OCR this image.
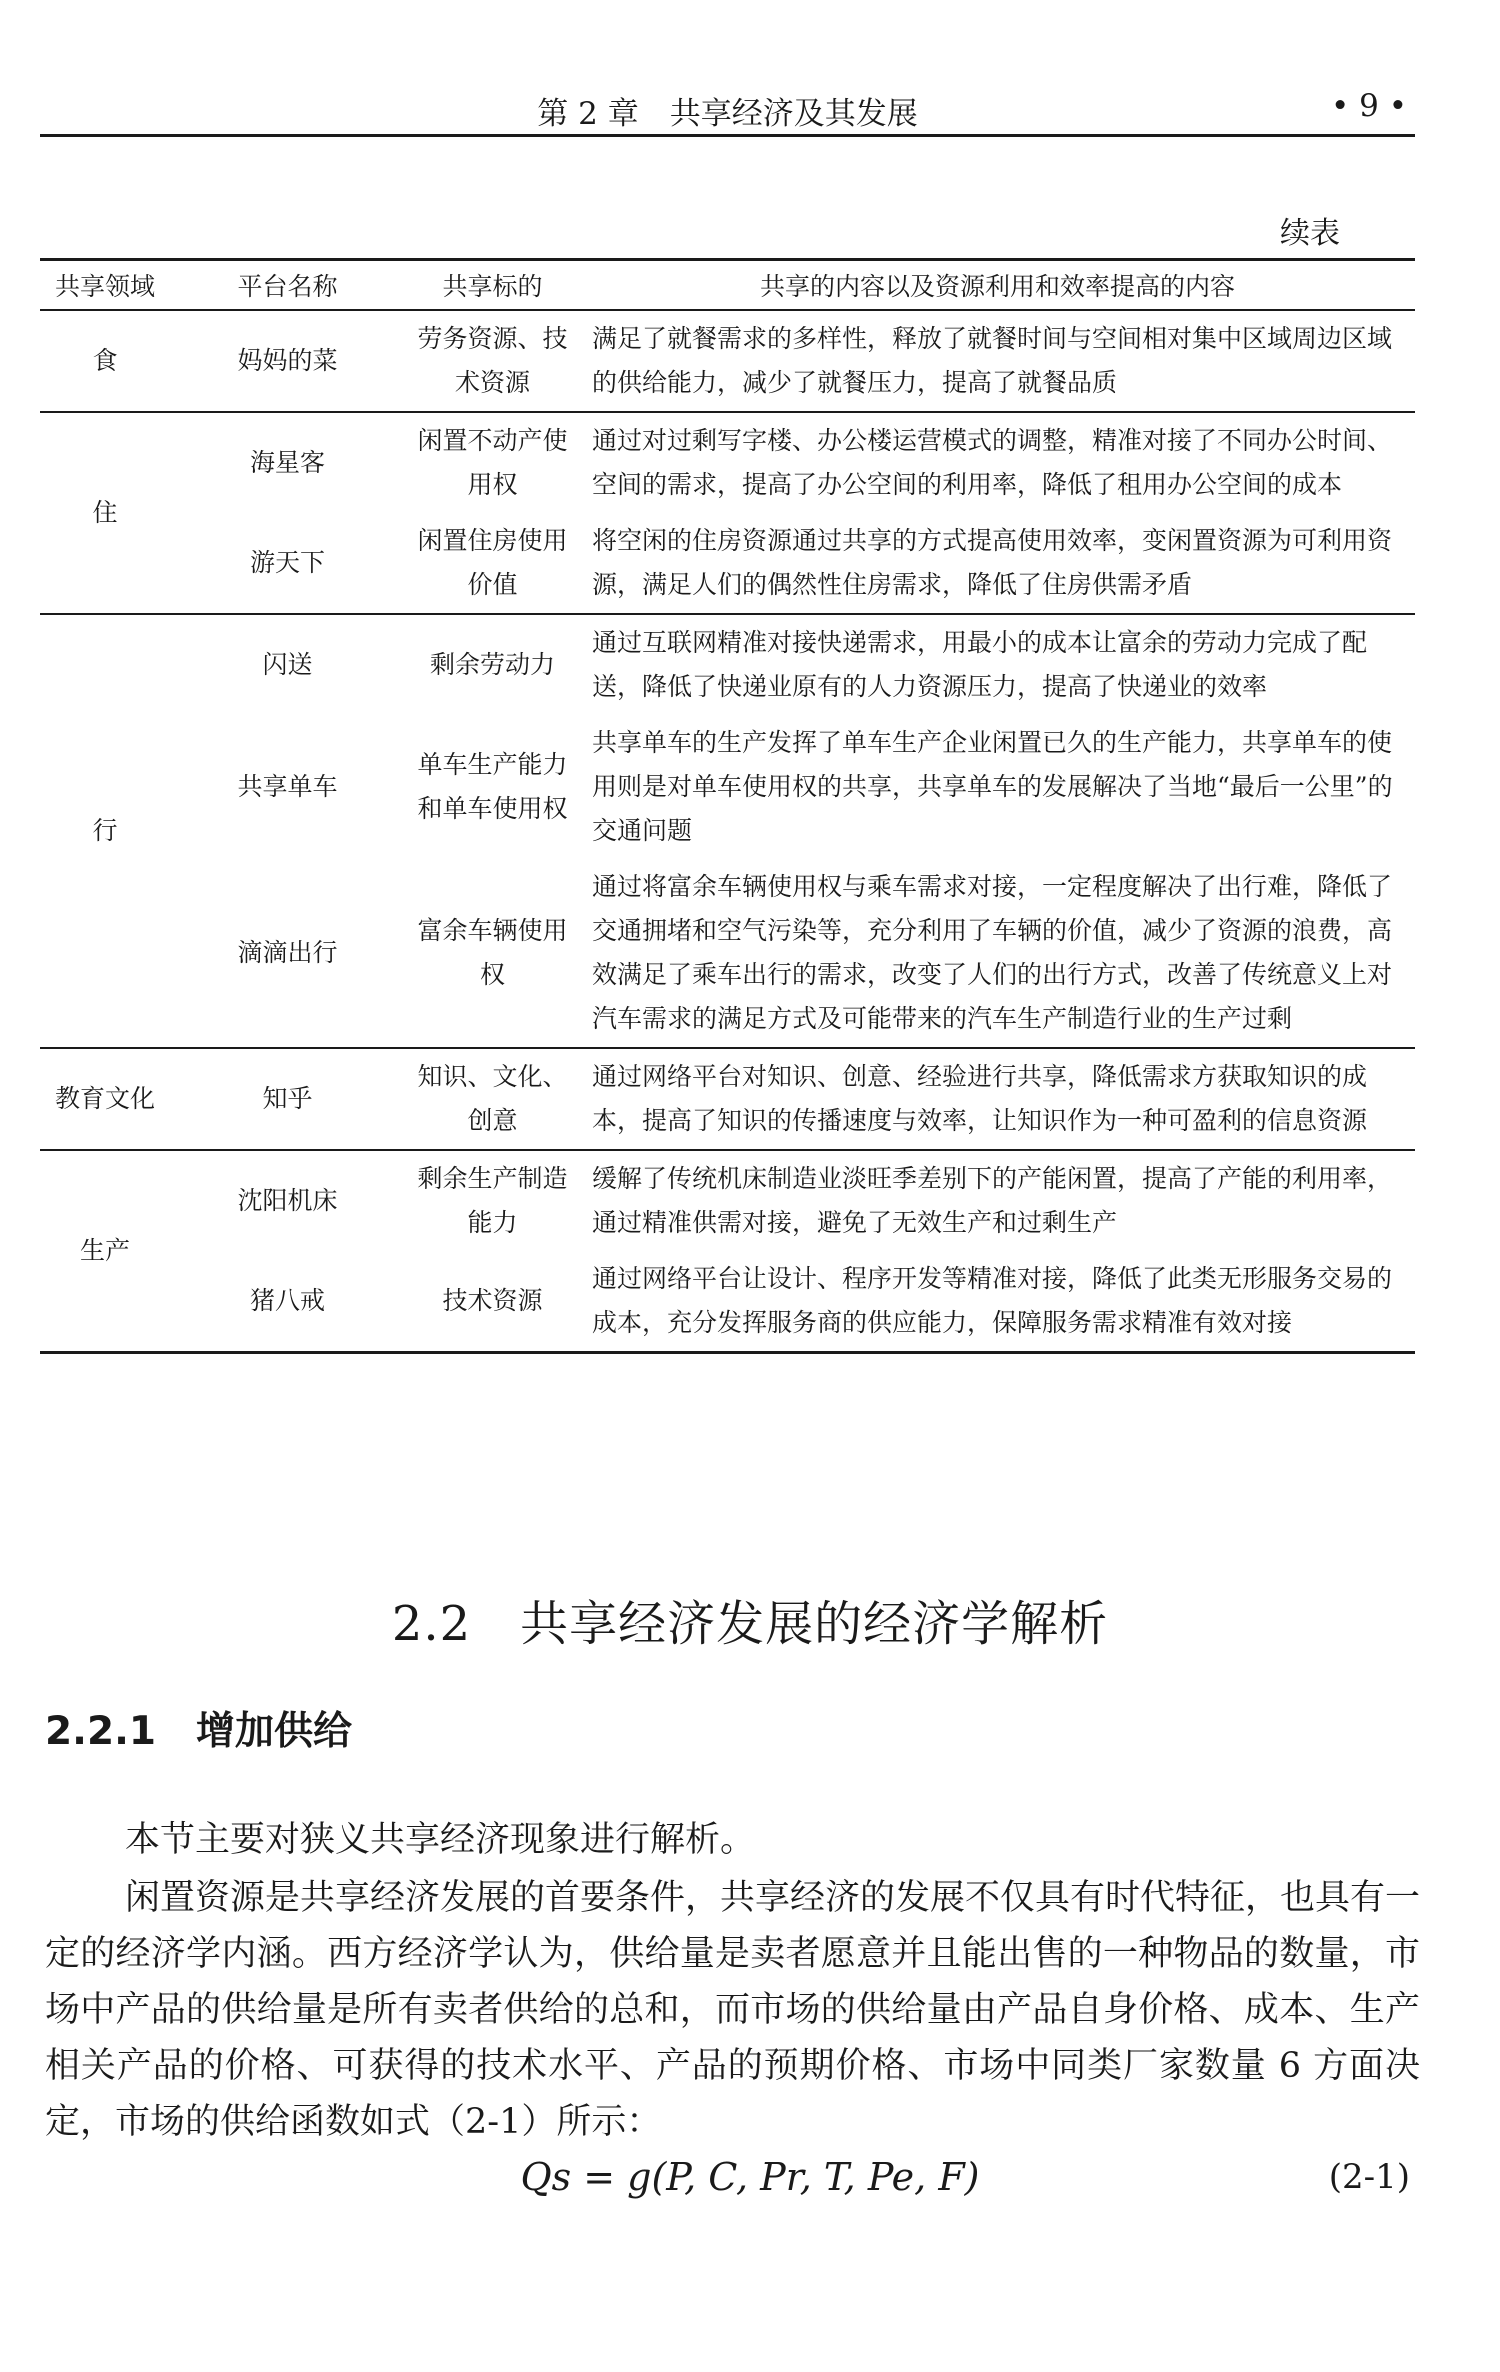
第 2 章　共享经济及其发展	• 9 •
续表
共享领域	平台名称	共享标的	共享的内容以及资源利用和效率提高的内容
食	妈妈的菜	劳务资源、技术资源	满足了就餐需求的多样性，释放了就餐时间与空间相对集中区域周边区域的供给能力，减少了就餐压力，提高了就餐品质
住	海星客	闲置不动产使用权	通过对过剩写字楼、办公楼运营模式的调整，精准对接了不同办公时间、空间的需求，提高了办公空间的利用率，降低了租用办公空间的成本
	游天下	闲置住房使用价值	将空闲的住房资源通过共享的方式提高使用效率，变闲置资源为可利用资源，满足人们的偶然性住房需求，降低了住房供需矛盾
行	闪送	剩余劳动力	通过互联网精准对接快递需求，用最小的成本让富余的劳动力完成了配送，降低了快递业原有的人力资源压力，提高了快递业的效率
	共享单车	单车生产能力和单车使用权	共享单车的生产发挥了单车生产企业闲置已久的生产能力，共享单车的使用则是对单车使用权的共享，共享单车的发展解决了当地“最后一公里”的交通问题
	滴滴出行	富余车辆使用权	通过将富余车辆使用权与乘车需求对接，一定程度解决了出行难，降低了交通拥堵和空气污染等，充分利用了车辆的价值，减少了资源的浪费，高效满足了乘车出行的需求，改变了人们的出行方式，改善了传统意义上对汽车需求的满足方式及可能带来的汽车生产制造行业的生产过剩
教育文化	知乎	知识、文化、创意	通过网络平台对知识、创意、经验进行共享，降低需求方获取知识的成本，提高了知识的传播速度与效率，让知识作为一种可盈利的信息资源
生产	沈阳机床	剩余生产制造能力	缓解了传统机床制造业淡旺季差别下的产能闲置，提高了产能的利用率，通过精准供需对接，避免了无效生产和过剩生产
	猪八戒	技术资源	通过网络平台让设计、程序开发等精准对接，降低了此类无形服务交易的成本，充分发挥服务商的供应能力，保障服务需求精准有效对接
2.2　共享经济发展的经济学解析
2.2.1 增加供给
本节主要对狭义共享经济现象进行解析。
闲置资源是共享经济发展的首要条件，共享经济的发展不仅具有时代特征，也具有一定的经济学内涵。西方经济学认为，供给量是卖者愿意并且能出售的一种物品的数量，市场中产品的供给量是所有卖者供给的总和，而市场的供给量由产品自身价格、成本、生产相关产品的价格、可获得的技术水平、产品的预期价格、市场中同类厂家数量 6 方面决定，市场的供给函数如式（2-1）所示：
Qs = g(P, C, Pr, T, Pe, F)	(2-1)
